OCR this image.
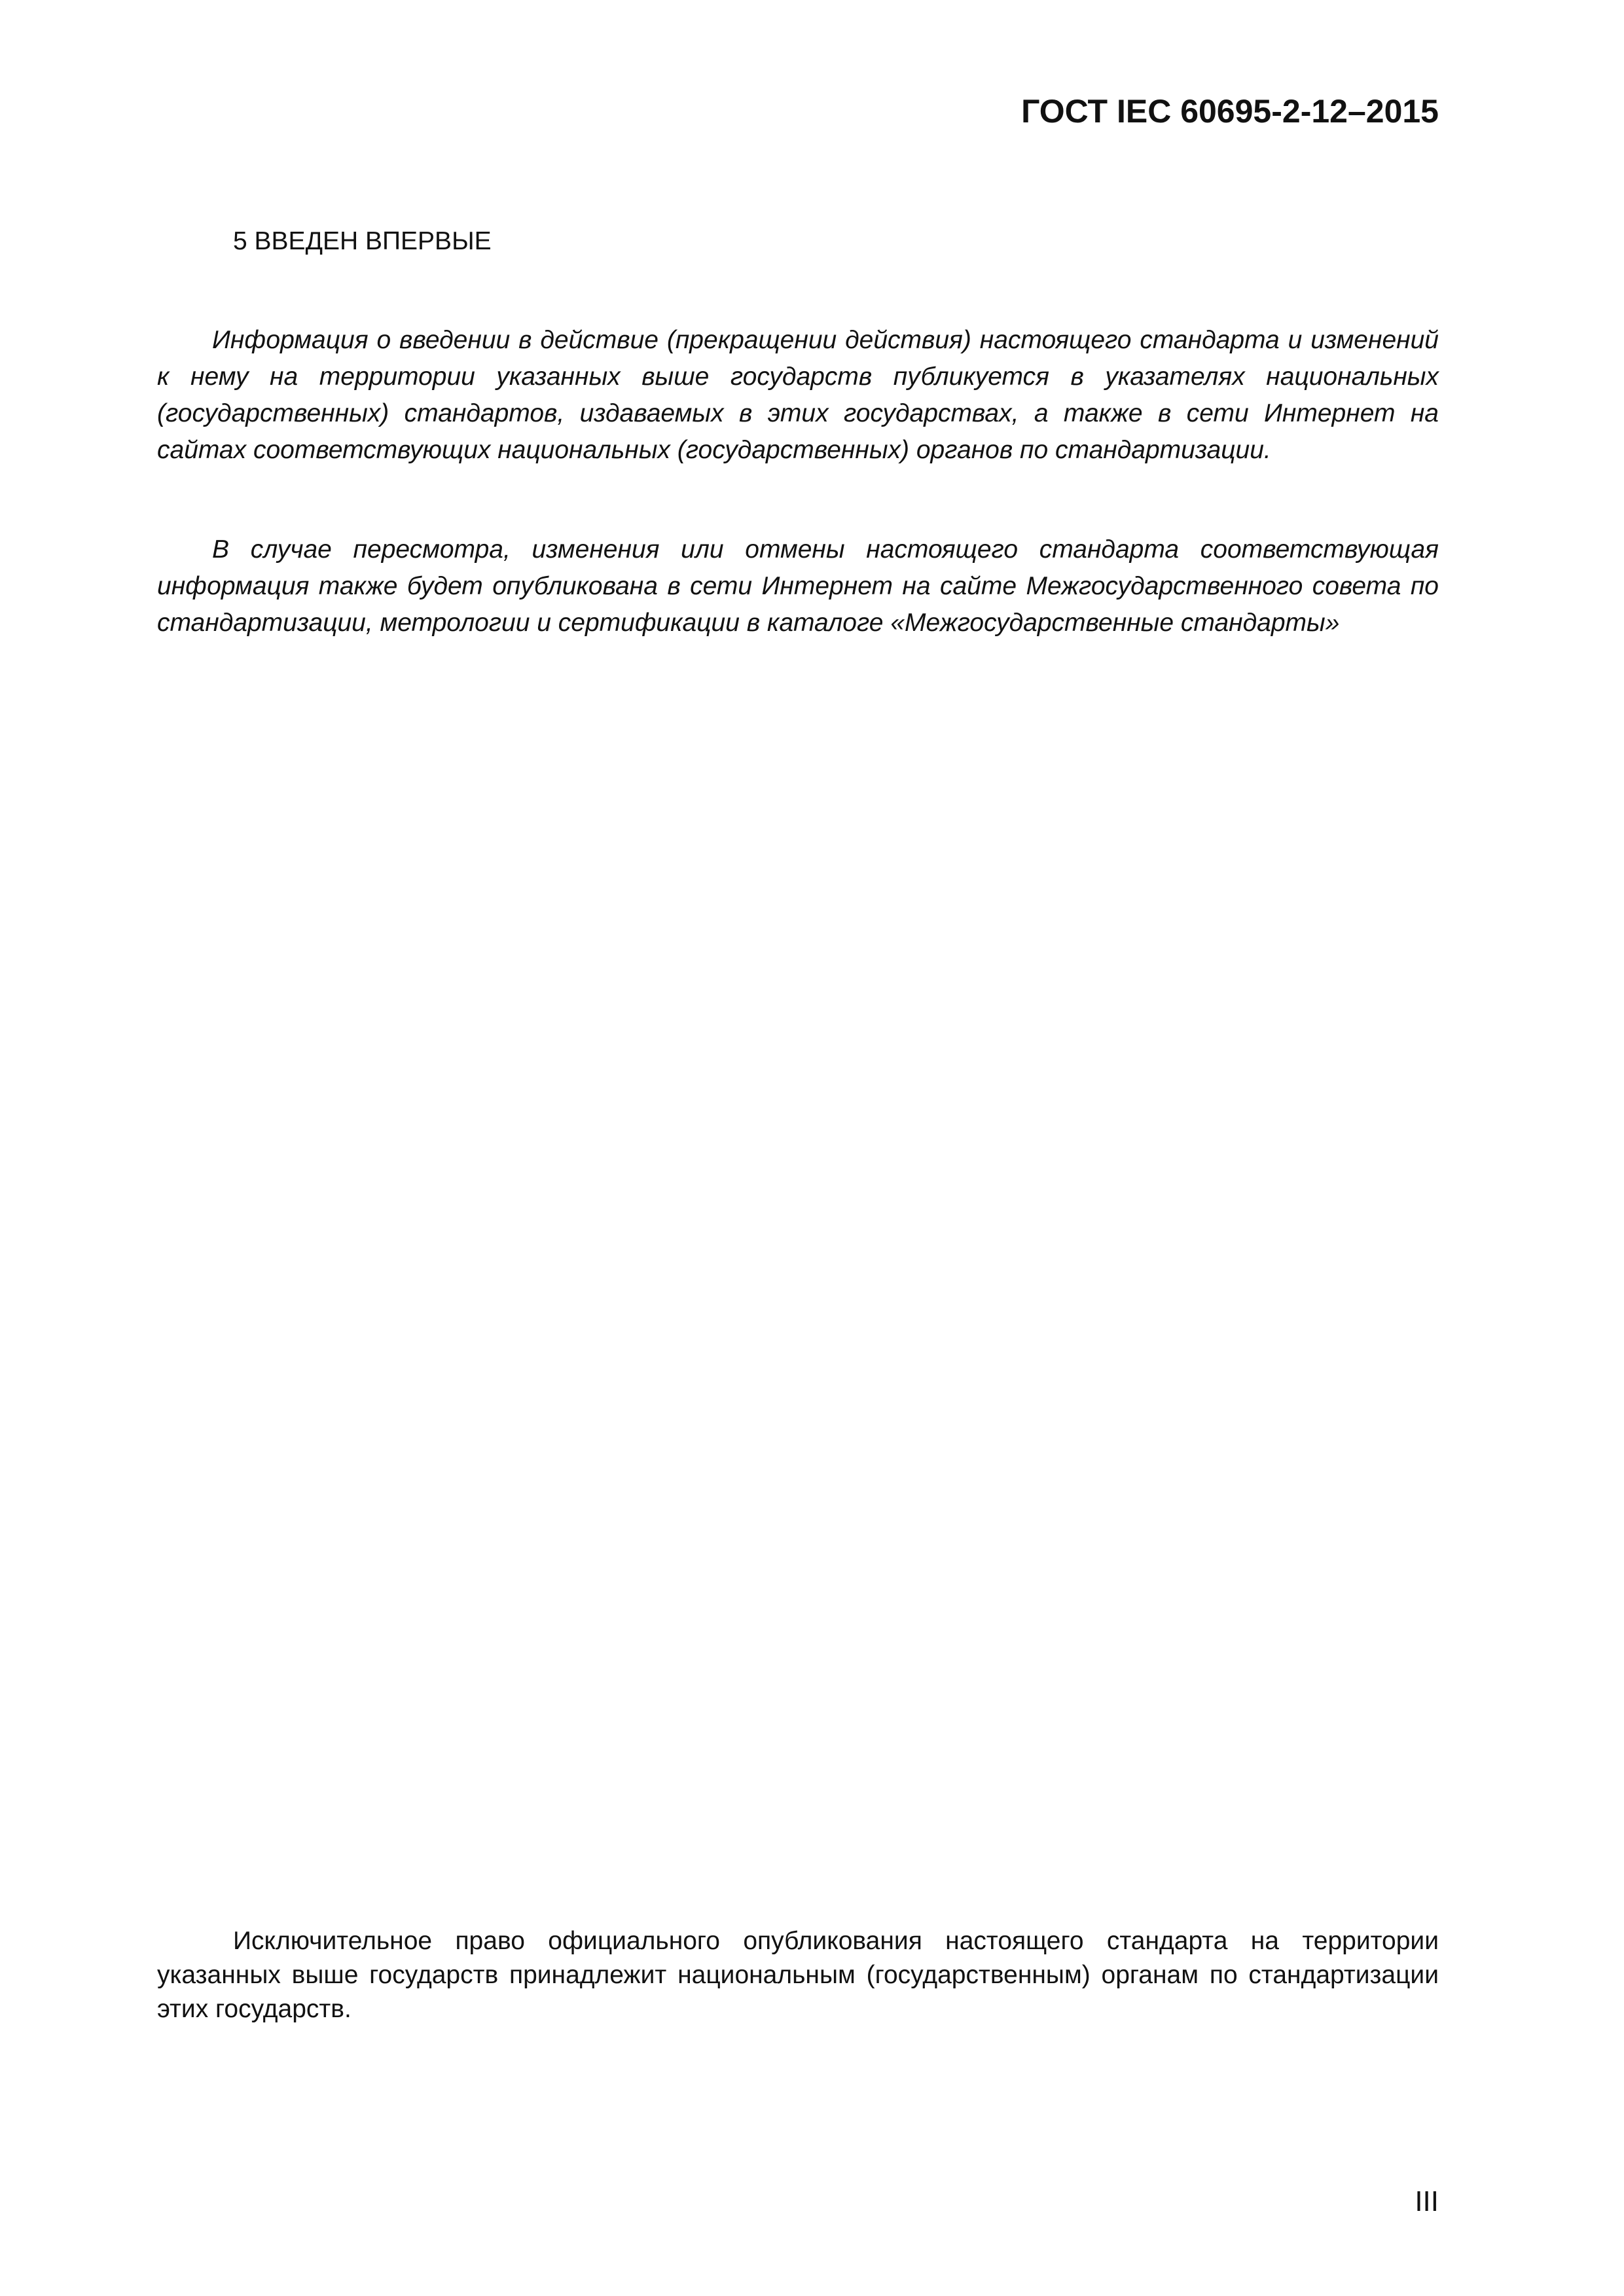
ГОСТ IEC 60695-2-12–2015
5 ВВЕДЕН ВПЕРВЫЕ

Информация о введении в действие (прекращении действия) настоящего стандарта и изменений к нему на территории указанных выше государств публикуется в указателях национальных (государственных) стандартов, издаваемых в этих государствах, а также в сети Интернет на сайтах соответствующих национальных (государственных) органов по стандартизации.

В случае пересмотра, изменения или отмены настоящего стандарта соответствующая информация также будет опубликована в сети Интернет на сайте Межгосударственного совета по стандартизации, метрологии и сертификации в каталоге «Межгосударственные стандарты»

Исключительное право официального опубликования настоящего стандарта на территории указанных выше государств принадлежит национальным (государственным) органам по стандартизации этих государств.

III
